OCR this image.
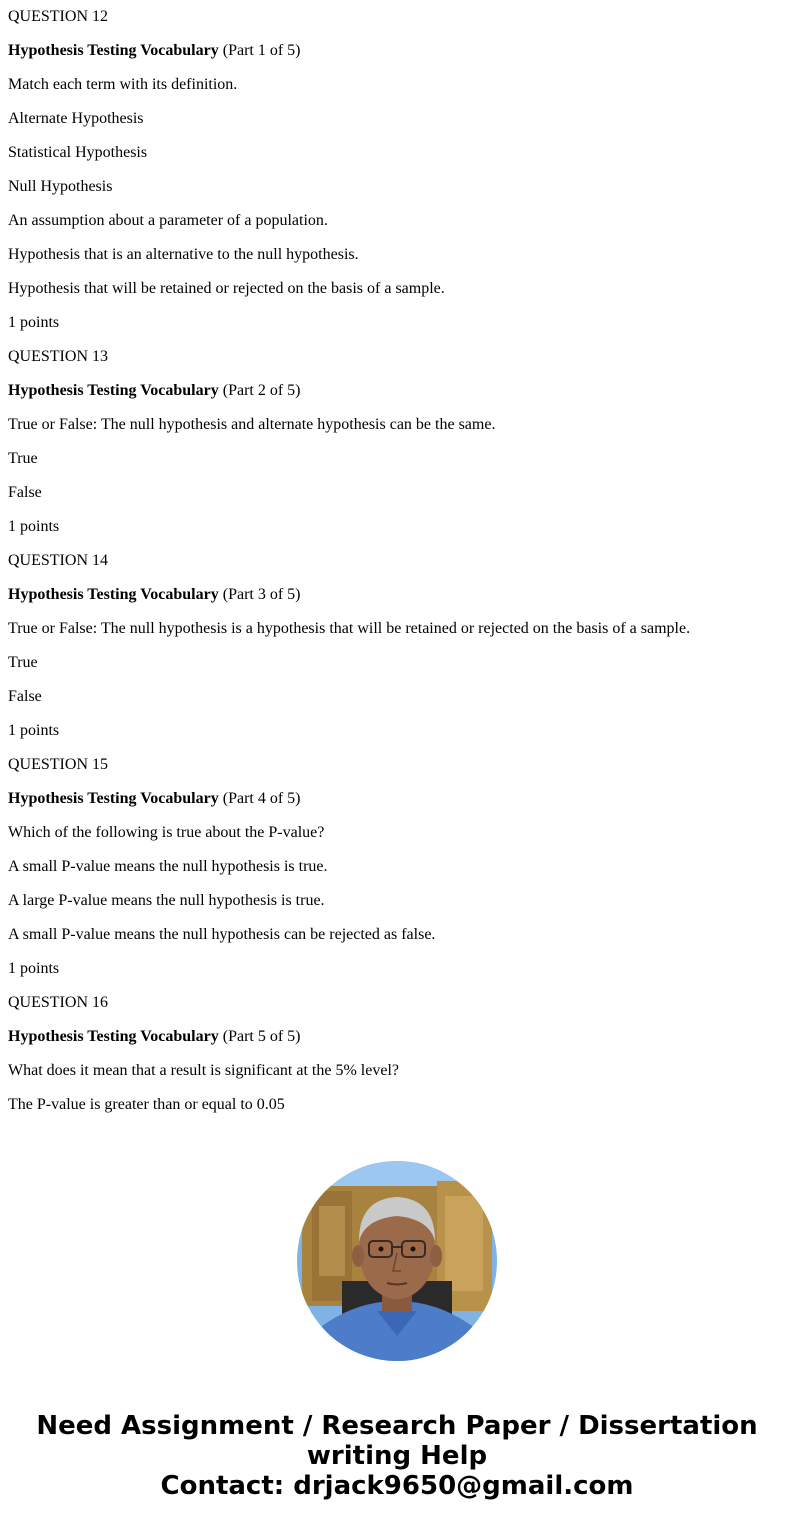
QUESTION 12
Hypothesis Testing Vocabulary (Part 1 of 5)
Match each term with its definition.
Alternate Hypothesis
Statistical Hypothesis
Null Hypothesis
An assumption about a parameter of a population.
Hypothesis that is an alternative to the null hypothesis.
Hypothesis that will be retained or rejected on the basis of a sample.
1 points
QUESTION 13
Hypothesis Testing Vocabulary (Part 2 of 5)
True or False: The null hypothesis and alternate hypothesis can be the same.
True
False
1 points
QUESTION 14
Hypothesis Testing Vocabulary (Part 3 of 5)
True or False: The null hypothesis is a hypothesis that will be retained or rejected on the basis of a sample.
True
False
1 points
QUESTION 15
Hypothesis Testing Vocabulary (Part 4 of 5)
Which of the following is true about the P-value?
A small P-value means the null hypothesis is true.
A large P-value means the null hypothesis is true.
A small P-value means the null hypothesis can be rejected as false.
1 points
QUESTION 16
Hypothesis Testing Vocabulary (Part 5 of 5)
What does it mean that a result is significant at the 5% level?
The P-value is greater than or equal to 0.05
Need Assignment / Research Paper / Dissertation
writing Help
Contact: drjack9650@gmail.com
